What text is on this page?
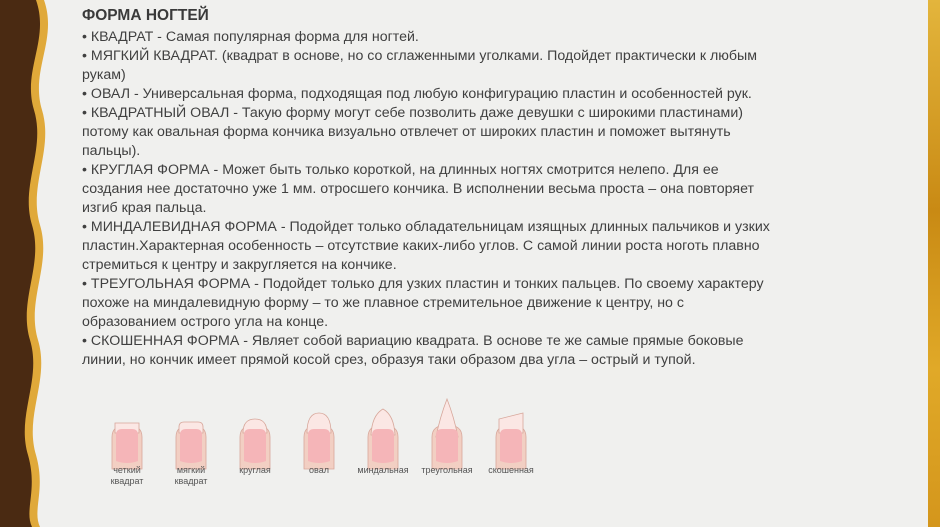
ФОРМА НОГТЕЙ
• КВАДРАТ - Самая популярная форма для ногтей.
• МЯГКИЙ КВАДРАТ. (квадрат в основе, но со сглаженными уголками. Подойдет практически к любым
рукам)
• ОВАЛ - Универсальная форма, подходящая под любую конфигурацию пластин и особенностей рук.
• КВАДРАТНЫЙ ОВАЛ - Такую форму могут себе позволить даже девушки с широкими пластинами)
потому как овальная форма кончика визуально отвлечет от широких пластин и поможет вытянуть
пальцы).
• КРУГЛАЯ ФОРМА - Может быть только короткой, на длинных ногтях смотрится нелепо. Для ее
создания нее достаточно уже 1 мм. отросшего кончика. В исполнении весьма проста – она повторяет
изгиб края пальца.
• МИНДАЛЕВИДНАЯ ФОРМА - Подойдет только обладательницам изящных длинных пальчиков и узких
пластин.Характерная особенность – отсутствие каких-либо углов. С самой линии роста ноготь плавно
стремиться к центру и закругляется на кончике.
• ТРЕУГОЛЬНАЯ ФОРМА - Подойдет только для узких пластин и тонких пальцев. По своему характеру
похоже на миндалевидную форму – то же плавное стремительное движение к центру, но с
образованием острого угла на конце.
• СКОШЕННАЯ ФОРМА - Являет собой вариацию квадрата. В основе те же самые прямые боковые
линии, но кончик имеет прямой косой срез, образуя таки образом два угла – острый и тупой.
четкий
квадрат
мягкий
квадрат
круглая	овал	миндальная	треугольная	скошенная
